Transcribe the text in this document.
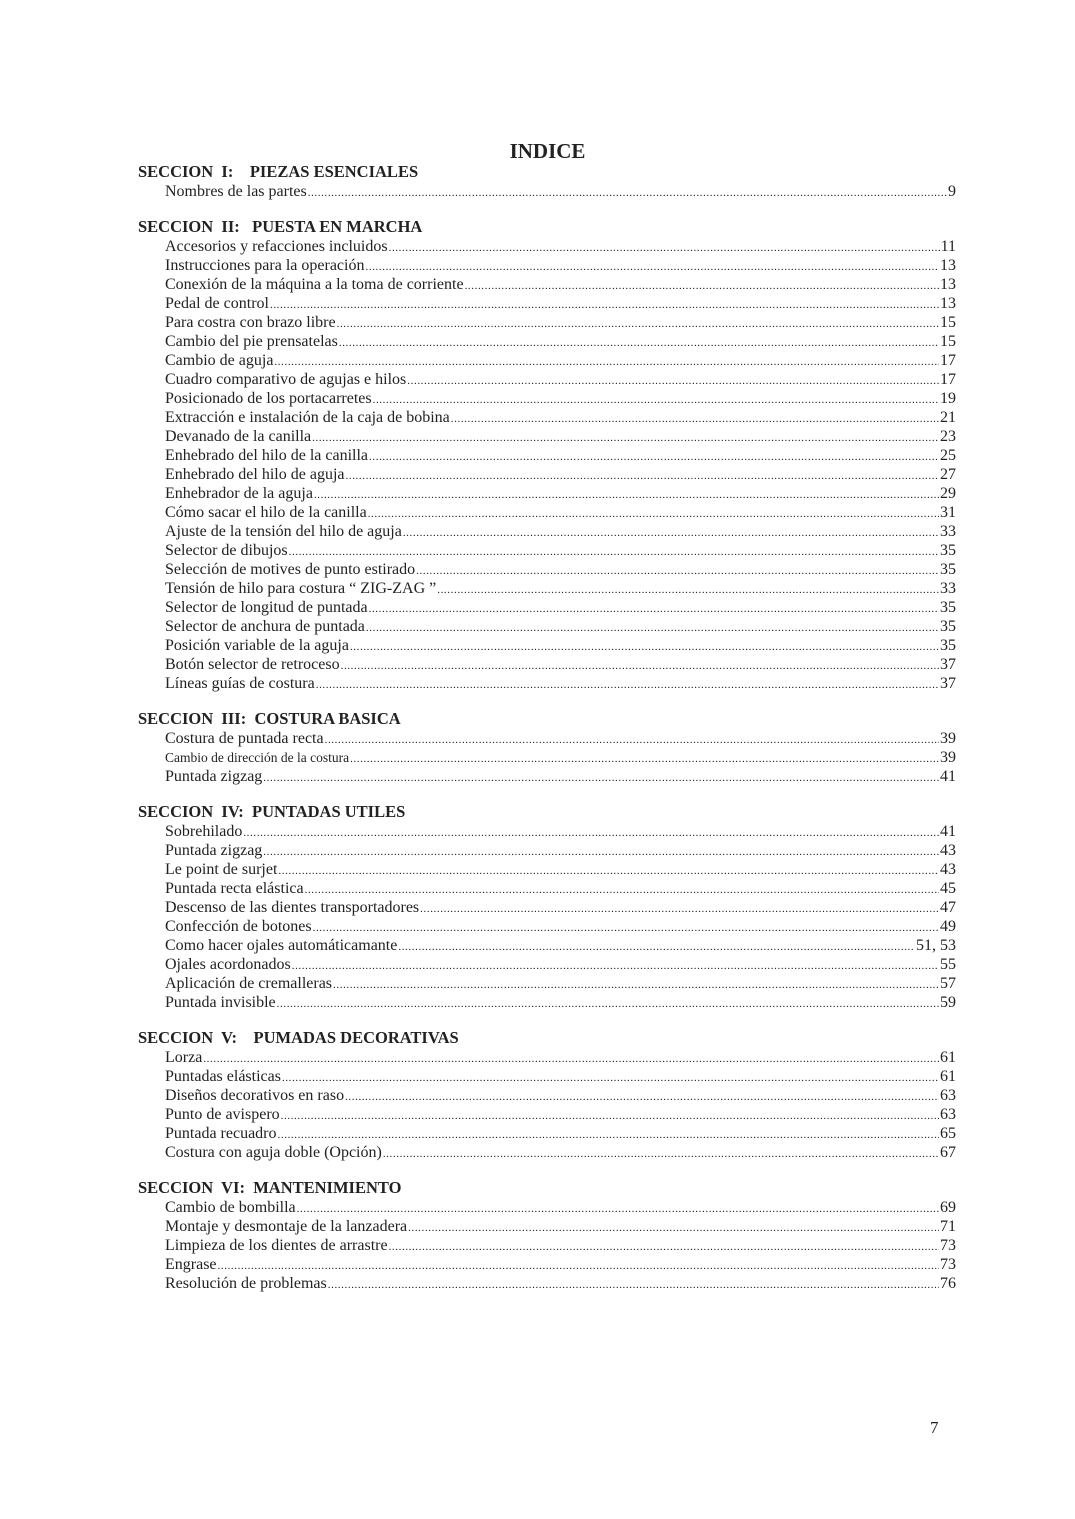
INDICE
SECCION  I:    PIEZAS ESENCIALES
Nombres de las partes .....	9
SECCION  II:   PUESTA EN MARCHA
Accesorios y refacciones incluidos .....	11
Instrucciones para la operación .....	13
Conexión de la máquina a la toma de corriente .....	13
Pedal de control .....	13
Para costra con brazo libre .....	15
Cambio del pie prensatelas .....	15
Cambio de aguja .....	17
Cuadro comparativo de agujas e hilos .....	17
Posicionado de los portacarretes .....	19
Extracción e instalación de la caja de bobina .....	21
Devanado de la canilla .....	23
Enhebrado del hilo de la canilla .....	25
Enhebrado del hilo de aguja .....	27
Enhebrador de la aguja .....	29
Cómo sacar el hilo de la canilla .....	31
Ajuste de la tensión del hilo de aguja .....	33
Selector de dibujos .....	35
Selección de motives de punto estirado .....	35
Tensión de hilo para costura “ ZIG-ZAG ” .....	33
Selector de longitud de puntada .....	35
Selector de anchura de puntada .....	35
Posición variable de la aguja .....	35
Botón selector de retroceso .....	37
Líneas guías de costura .....	37
SECCION  III:  COSTURA BASICA
Costura de puntada recta .....	39
Cambio de dirección de la costura .....	39
Puntada zigzag .....	41
SECCION  IV:  PUNTADAS UTILES
Sobrehilado .....	41
Puntada zigzag .....	43
Le point de surjet .....	43
Puntada recta elástica .....	45
Descenso de las dientes transportadores .....	47
Confección de botones .....	49
Como hacer ojales automáticamante .....	51, 53
Ojales acordonados .....	55
Aplicación de cremalleras .....	57
Puntada invisible .....	59
SECCION  V:    PUMADAS DECORATIVAS
Lorza .....	61
Puntadas elásticas .....	61
Diseños decorativos en raso .....	63
Punto de avispero .....	63
Puntada recuadro .....	65
Costura con aguja doble (Opción) .....	67
SECCION  VI:  MANTENIMIENTO
Cambio de bombilla .....	69
Montaje y desmontaje de la lanzadera .....	71
Limpieza de los dientes de arrastre .....	73
Engrase .....	73
Resolución de problemas .....	76
7
